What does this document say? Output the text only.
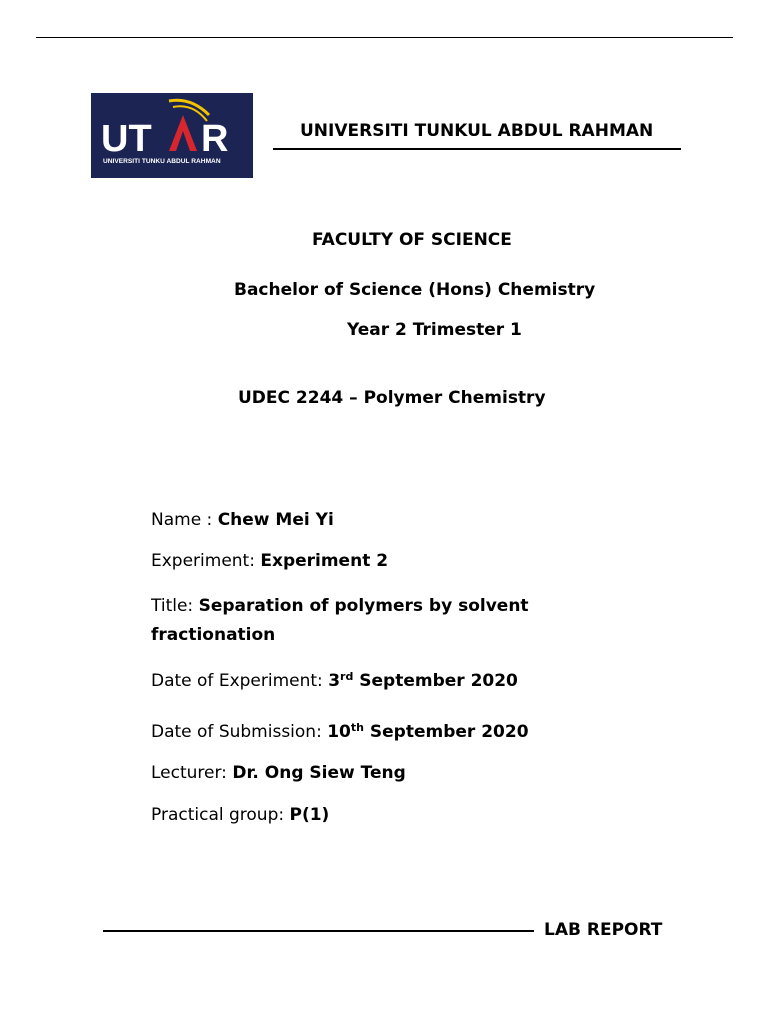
UT R
UNIVERSITI TUNKU ABDUL RAHMAN
UNIVERSITI TUNKUL ABDUL RAHMAN
FACULTY OF SCIENCE
Bachelor of Science (Hons) Chemistry
Year 2 Trimester 1
UDEC 2244 – Polymer Chemistry
Name : Chew Mei Yi
Experiment: Experiment 2
Title: Separation of polymers by solvent
fractionation
Date of Experiment: 3rd September 2020
Date of Submission: 10th September 2020
Lecturer: Dr. Ong Siew Teng
Practical group: P(1)
LAB REPORT
